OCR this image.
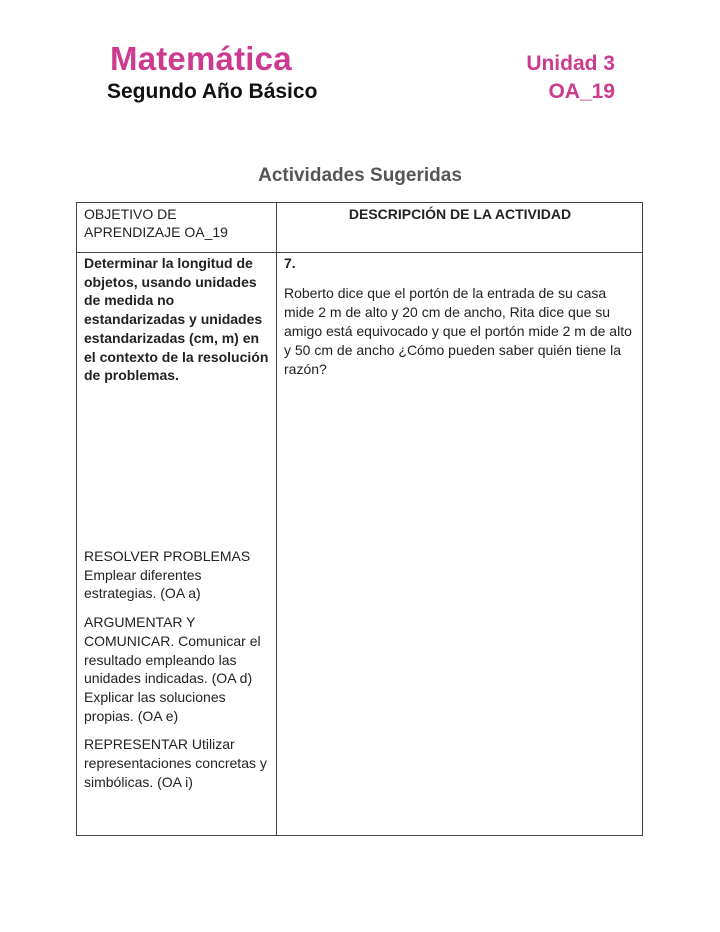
Matemática
Segundo Año Básico
Unidad 3
OA_19
Actividades Sugeridas
OBJETIVO DE APRENDIZAJE OA_19
DESCRIPCIÓN DE LA ACTIVIDAD
Determinar la longitud de objetos, usando unidades de medida no estandarizadas y unidades estandarizadas (cm, m) en el contexto de la resolución de problemas.

RESOLVER PROBLEMAS Emplear diferentes estrategias. (OA a)

ARGUMENTAR Y COMUNICAR. Comunicar el resultado empleando las unidades indicadas. (OA d) Explicar las soluciones propias. (OA e)

REPRESENTAR Utilizar representaciones concretas y simbólicas. (OA i)

7.
Roberto dice que el portón de la entrada de su casa mide 2 m de alto y 20 cm de ancho, Rita dice que su amigo está equivocado y que el portón mide 2 m de alto y 50 cm de ancho ¿Cómo pueden saber quién tiene la razón?
